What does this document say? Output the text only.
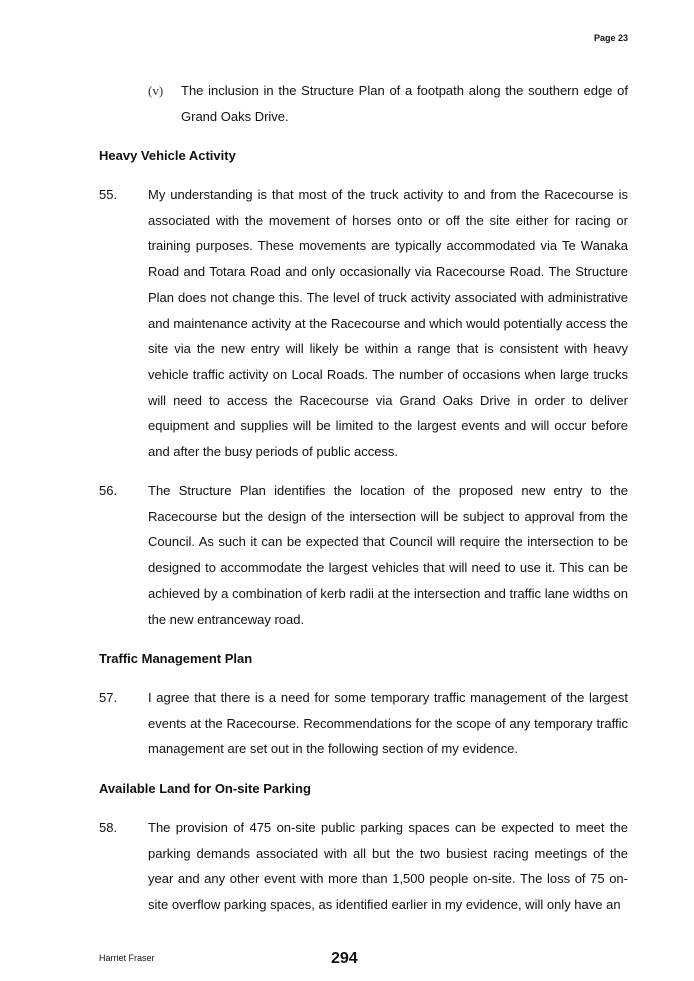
Page 23
(v) The inclusion in the Structure Plan of a footpath along the southern edge of Grand Oaks Drive.
Heavy Vehicle Activity
55. My understanding is that most of the truck activity to and from the Racecourse is associated with the movement of horses onto or off the site either for racing or training purposes. These movements are typically accommodated via Te Wanaka Road and Totara Road and only occasionally via Racecourse Road. The Structure Plan does not change this. The level of truck activity associated with administrative and maintenance activity at the Racecourse and which would potentially access the site via the new entry will likely be within a range that is consistent with heavy vehicle traffic activity on Local Roads. The number of occasions when large trucks will need to access the Racecourse via Grand Oaks Drive in order to deliver equipment and supplies will be limited to the largest events and will occur before and after the busy periods of public access.
56. The Structure Plan identifies the location of the proposed new entry to the Racecourse but the design of the intersection will be subject to approval from the Council. As such it can be expected that Council will require the intersection to be designed to accommodate the largest vehicles that will need to use it. This can be achieved by a combination of kerb radii at the intersection and traffic lane widths on the new entranceway road.
Traffic Management Plan
57. I agree that there is a need for some temporary traffic management of the largest events at the Racecourse. Recommendations for the scope of any temporary traffic management are set out in the following section of my evidence.
Available Land for On-site Parking
58. The provision of 475 on-site public parking spaces can be expected to meet the parking demands associated with all but the two busiest racing meetings of the year and any other event with more than 1,500 people on-site. The loss of 75 on-site overflow parking spaces, as identified earlier in my evidence, will only have an
Harriet Fraser	294
